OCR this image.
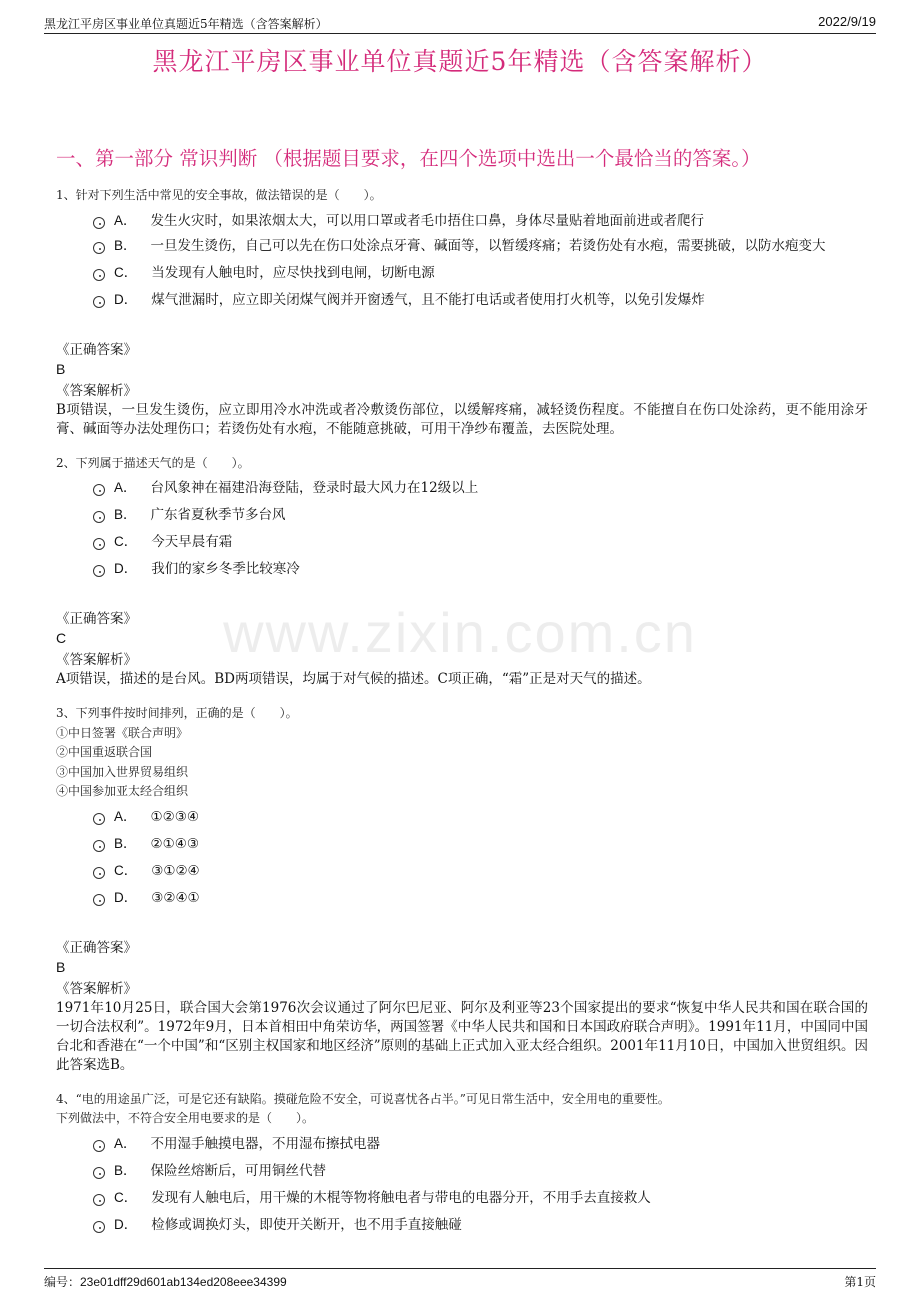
黑龙江平房区事业单位真题近5年精选（含答案解析）	2022/9/19
黑龙江平房区事业单位真题近5年精选（含答案解析）
一、第一部分 常识判断 （根据题目要求，在四个选项中选出一个最恰当的答案。）
www.zixin.com.cn
1、针对下列生活中常见的安全事故，做法错误的是（　　）。
A． 发生火灾时，如果浓烟太大，可以用口罩或者毛巾捂住口鼻，身体尽量贴着地面前进或者爬行
B． 一旦发生烫伤，自己可以先在伤口处涂点牙膏、碱面等，以暂缓疼痛；若烫伤处有水疱，需要挑破，以防水疱变大
C． 当发现有人触电时，应尽快找到电闸，切断电源
D． 煤气泄漏时，应立即关闭煤气阀并开窗透气，且不能打电话或者使用打火机等，以免引发爆炸
《正确答案》
B
《答案解析》
B项错误，一旦发生烫伤，应立即用冷水冲洗或者冷敷烫伤部位，以缓解疼痛，减轻烫伤程度。不能擅自在伤口处涂药，更不能用涂牙膏、碱面等办法处理伤口；若烫伤处有水疱，不能随意挑破，可用干净纱布覆盖，去医院处理。
2、下列属于描述天气的是（　　）。
A． 台风象神在福建沿海登陆，登录时最大风力在12级以上
B． 广东省夏秋季节多台风
C． 今天早晨有霜
D． 我们的家乡冬季比较寒冷
《正确答案》
C
《答案解析》
A项错误，描述的是台风。BD两项错误，均属于对气候的描述。C项正确，“霜”正是对天气的描述。
3、下列事件按时间排列，正确的是（　　）。
①中日签署《联合声明》
②中国重返联合国
③中国加入世界贸易组织
④中国参加亚太经合组织
A． ①②③④
B． ②①④③
C． ③①②④
D． ③②④①
《正确答案》
B
《答案解析》
1971年10月25日，联合国大会第1976次会议通过了阿尔巴尼亚、阿尔及利亚等23个国家提出的要求“恢复中华人民共和国在联合国的一切合法权利”。1972年9月，日本首相田中角荣访华，两国签署《中华人民共和国和日本国政府联合声明》。1991年11月，中国同中国台北和香港在“一个中国”和“区别主权国家和地区经济”原则的基础上正式加入亚太经合组织。2001年11月10日，中国加入世贸组织。因此答案选B。
4、“电的用途虽广泛，可是它还有缺陷。摸碰危险不安全，可说喜忧各占半。”可见日常生活中，安全用电的重要性。
下列做法中，不符合安全用电要求的是（　　）。
A． 不用湿手触摸电器，不用湿布擦拭电器
B． 保险丝熔断后，可用铜丝代替
C． 发现有人触电后，用干燥的木棍等物将触电者与带电的电器分开，不用手去直接救人
D． 检修或调换灯头，即使开关断开，也不用手直接触碰
编号：23e01dff29d601ab134ed208eee34399	第1页
